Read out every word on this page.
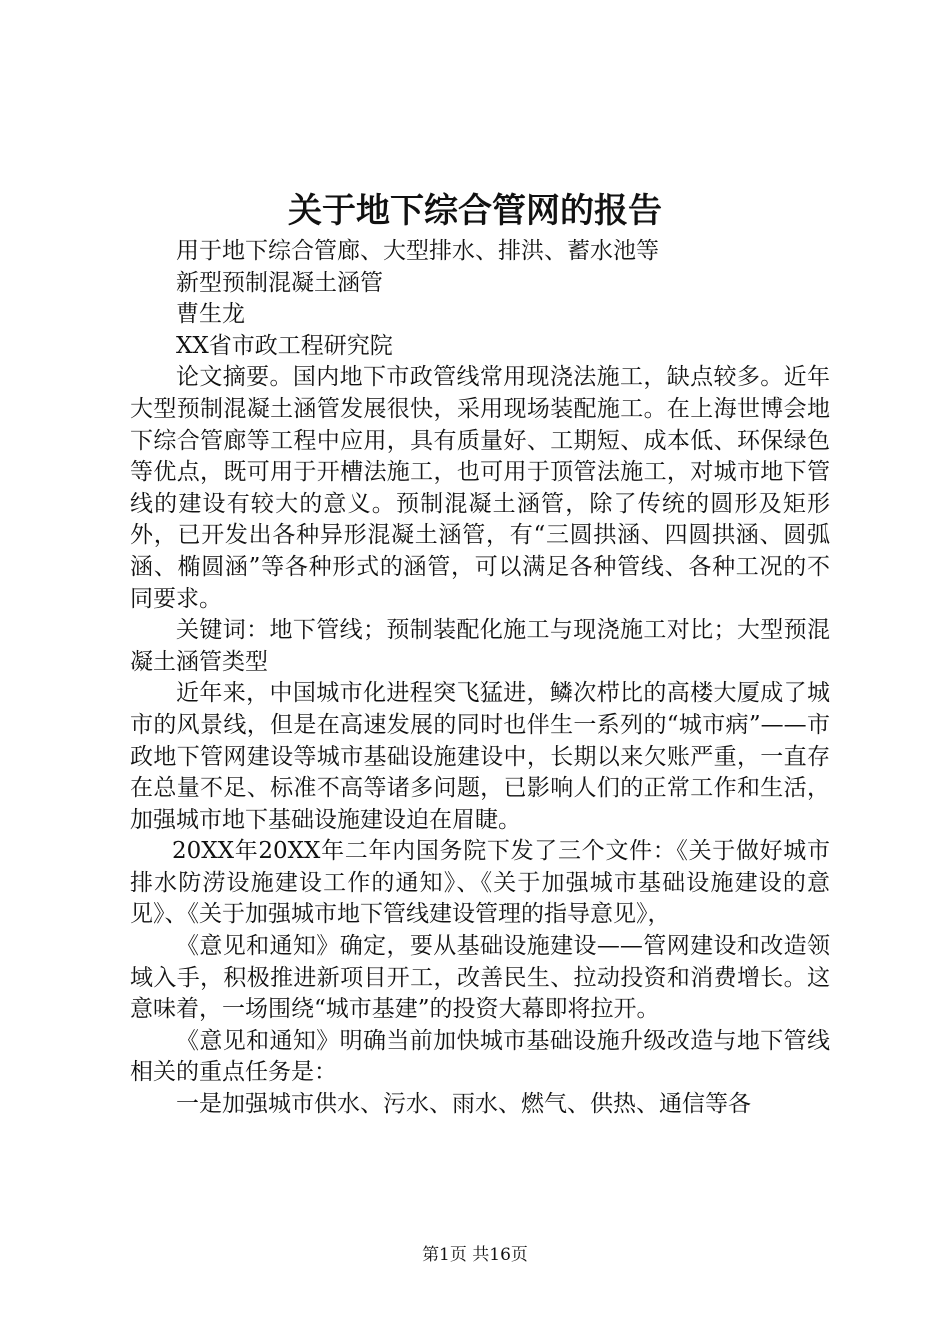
关于地下综合管网的报告

用于地下综合管廊、大型排水、排洪、蓄水池等

新型预制混凝土涵管

曹生龙

XX省市政工程研究院

论文摘要。国内地下市政管线常用现浇法施工，缺点较多。近年大型预制混凝土涵管发展很快，采用现场装配施工。在上海世博会地下综合管廊等工程中应用，具有质量好、工期短、成本低、环保绿色等优点，既可用于开槽法施工，也可用于顶管法施工，对城市地下管线的建设有较大的意义。预制混凝土涵管，除了传统的圆形及矩形外，已开发出各种异形混凝土涵管，有“三圆拱涵、四圆拱涵、圆弧涵、椭圆涵”等各种形式的涵管，可以满足各种管线、各种工况的不同要求。

关键词：地下管线；预制装配化施工与现浇施工对比；大型预混凝土涵管类型

近年来，中国城市化进程突飞猛进，鳞次栉比的高楼大厦成了城市的风景线，但是在高速发展的同时也伴生一系列的“城市病”——市政地下管网建设等城市基础设施建设中，长期以来欠账严重，一直存在总量不足、标准不高等诸多问题，已影响人们的正常工作和生活，加强城市地下基础设施建设迫在眉睫。

20XX年20XX年二年内国务院下发了三个文件：《关于做好城市排水防涝设施建设工作的通知》、《关于加强城市基础设施建设的意见》、《关于加强城市地下管线建设管理的指导意见》，

《意见和通知》确定，要从基础设施建设——管网建设和改造领域入手，积极推进新项目开工，改善民生、拉动投资和消费增长。这意味着，一场围绕“城市基建”的投资大幕即将拉开。

《意见和通知》明确当前加快城市基础设施升级改造与地下管线相关的重点任务是：

一是加强城市供水、污水、雨水、燃气、供热、通信等各

第1页 共16页
